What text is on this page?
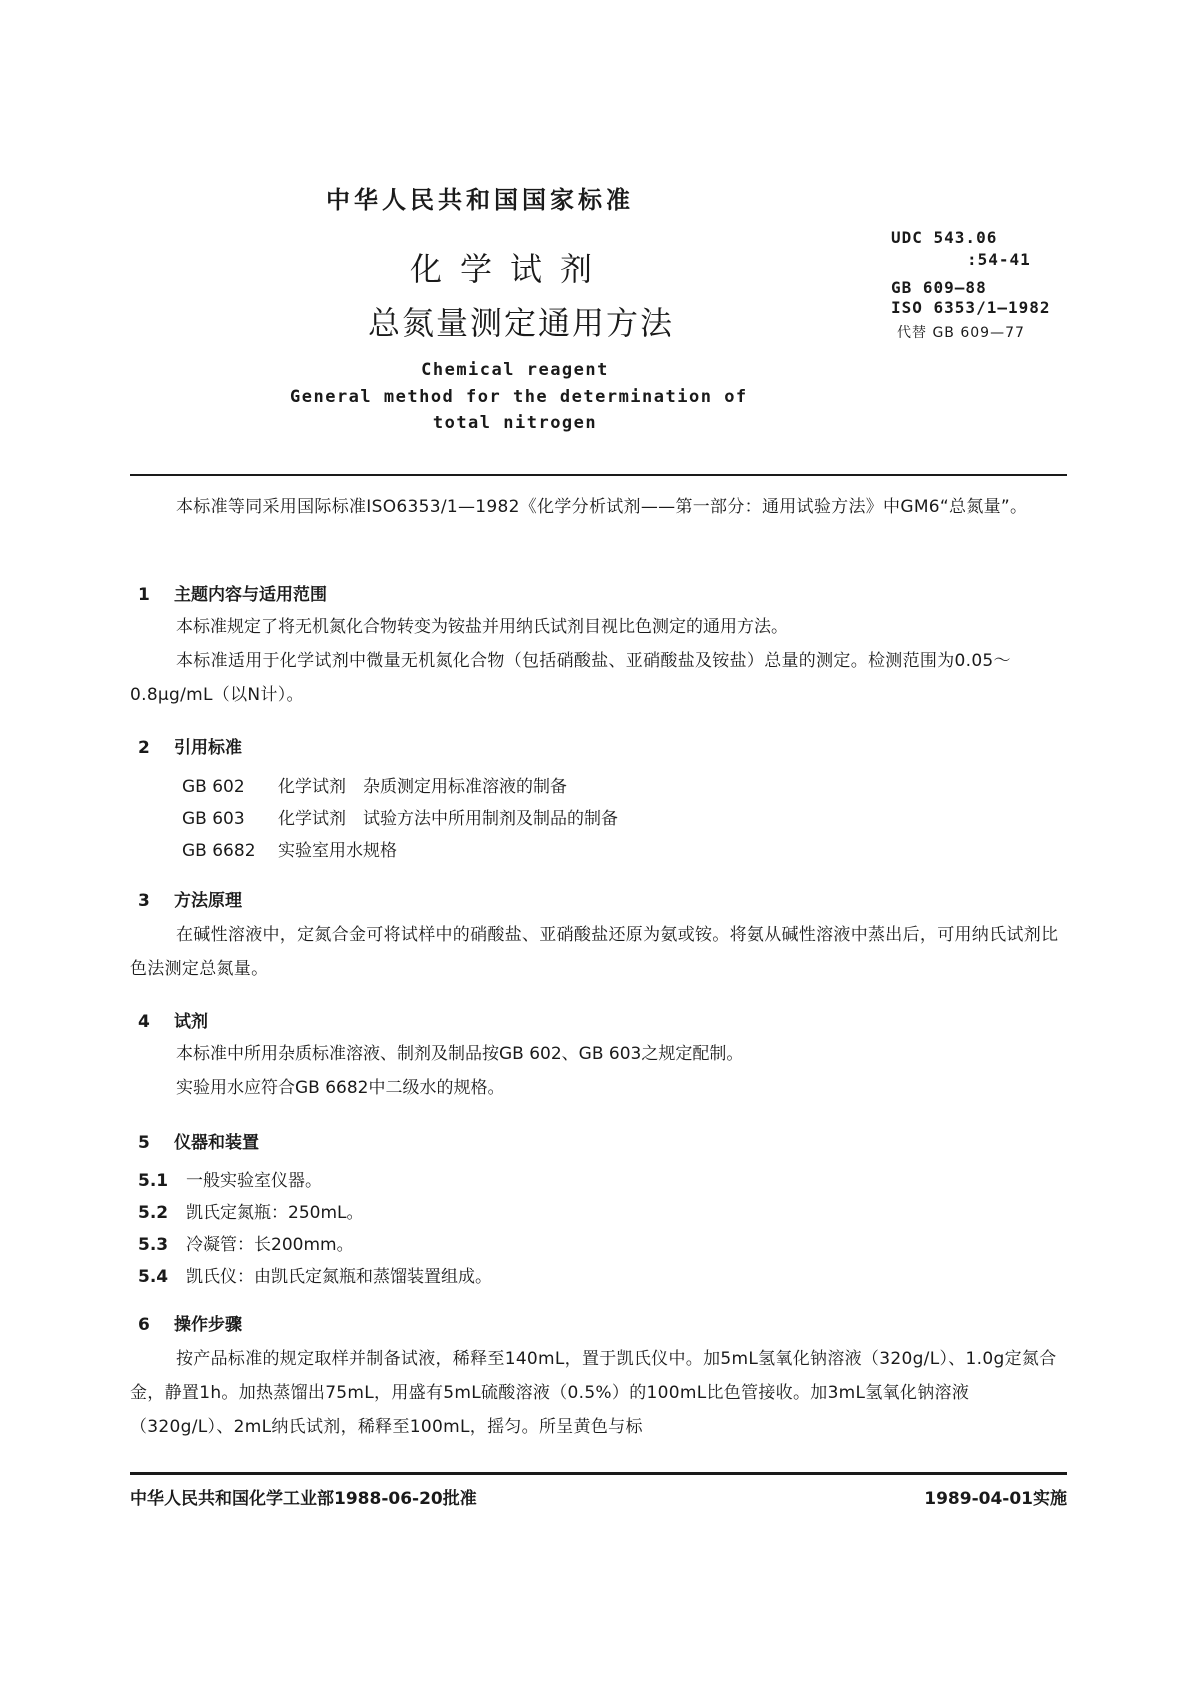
中华人民共和国国家标准
化学试剂
总氮量测定通用方法
Chemical reagent
General method for the determination of
total nitrogen
UDC 543.06
:54-41
GB 609—88
ISO 6353/1—1982
代替 GB 609—77
本标准等同采用国际标准ISO6353/1—1982《化学分析试剂——第一部分：通用试验方法》中GM6“总氮量”。
1 主题内容与适用范围
本标准规定了将无机氮化合物转变为铵盐并用纳氏试剂目视比色测定的通用方法。
本标准适用于化学试剂中微量无机氮化合物（包括硝酸盐、亚硝酸盐及铵盐）总量的测定。检测范围为0.05～0.8μg/mL（以N计）。
2 引用标准
GB 602 化学试剂　杂质测定用标准溶液的制备
GB 603 化学试剂　试验方法中所用制剂及制品的制备
GB 6682 实验室用水规格
3 方法原理
在碱性溶液中，定氮合金可将试样中的硝酸盐、亚硝酸盐还原为氨或铵。将氨从碱性溶液中蒸出后，可用纳氏试剂比色法测定总氮量。
4 试剂
本标准中所用杂质标准溶液、制剂及制品按GB 602、GB 603之规定配制。
实验用水应符合GB 6682中二级水的规格。
5 仪器和装置
5.1 一般实验室仪器。
5.2 凯氏定氮瓶：250mL。
5.3 冷凝管：长200mm。
5.4 凯氏仪：由凯氏定氮瓶和蒸馏装置组成。
6 操作步骤
按产品标准的规定取样并制备试液，稀释至140mL，置于凯氏仪中。加5mL氢氧化钠溶液（320g/L）、1.0g定氮合金，静置1h。加热蒸馏出75mL，用盛有5mL硫酸溶液（0.5%）的100mL比色管接收。加3mL氢氧化钠溶液（320g/L）、2mL纳氏试剂，稀释至100mL，摇匀。所呈黄色与标
中华人民共和国化学工业部1988-06-20批准	1989-04-01实施
